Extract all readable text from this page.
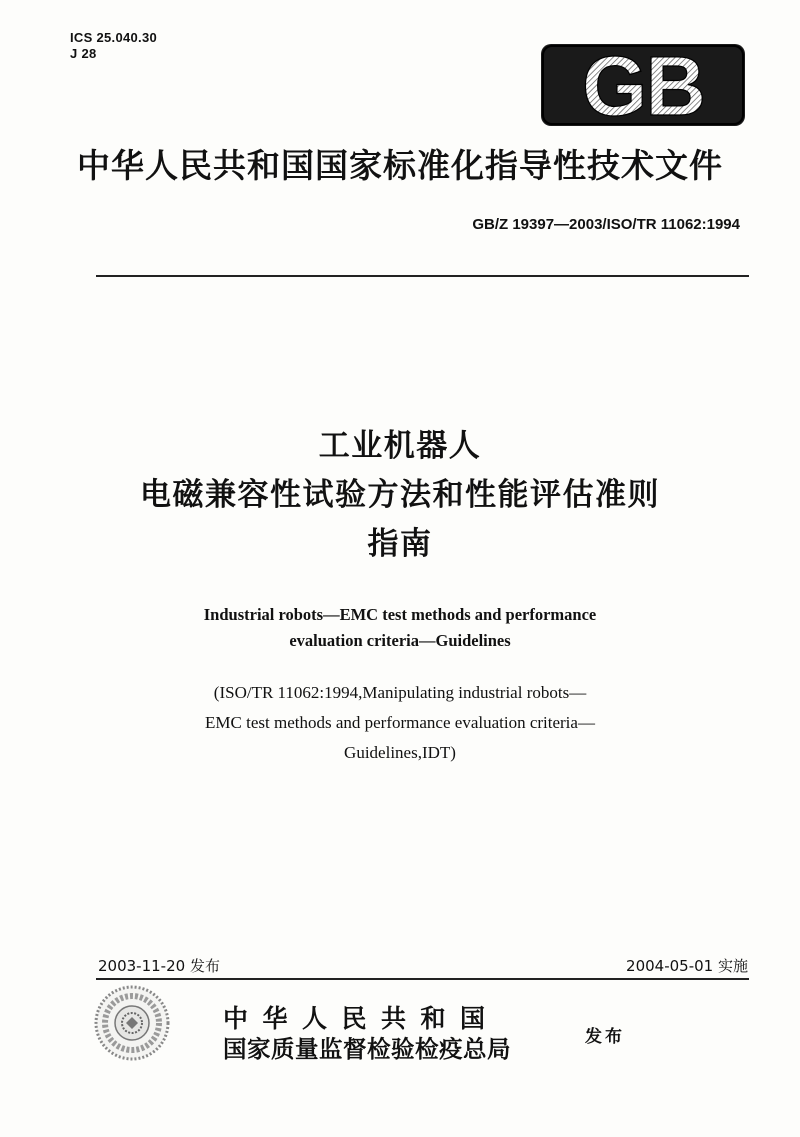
ICS 25.040.30
J 28	GB
中华人民共和国国家标准化指导性技术文件
GB/Z 19397—2003/ISO/TR 11062:1994
工业机器人
电磁兼容性试验方法和性能评估准则
指南
Industrial robots—EMC test methods and performance
evaluation criteria—Guidelines
(ISO/TR 11062:1994,Manipulating industrial robots—
EMC test methods and performance evaluation criteria—
Guidelines,IDT)
2003-11-20 发布	2004-05-01 实施
中华人民共和国
国家质量监督检验检疫总局	发布
